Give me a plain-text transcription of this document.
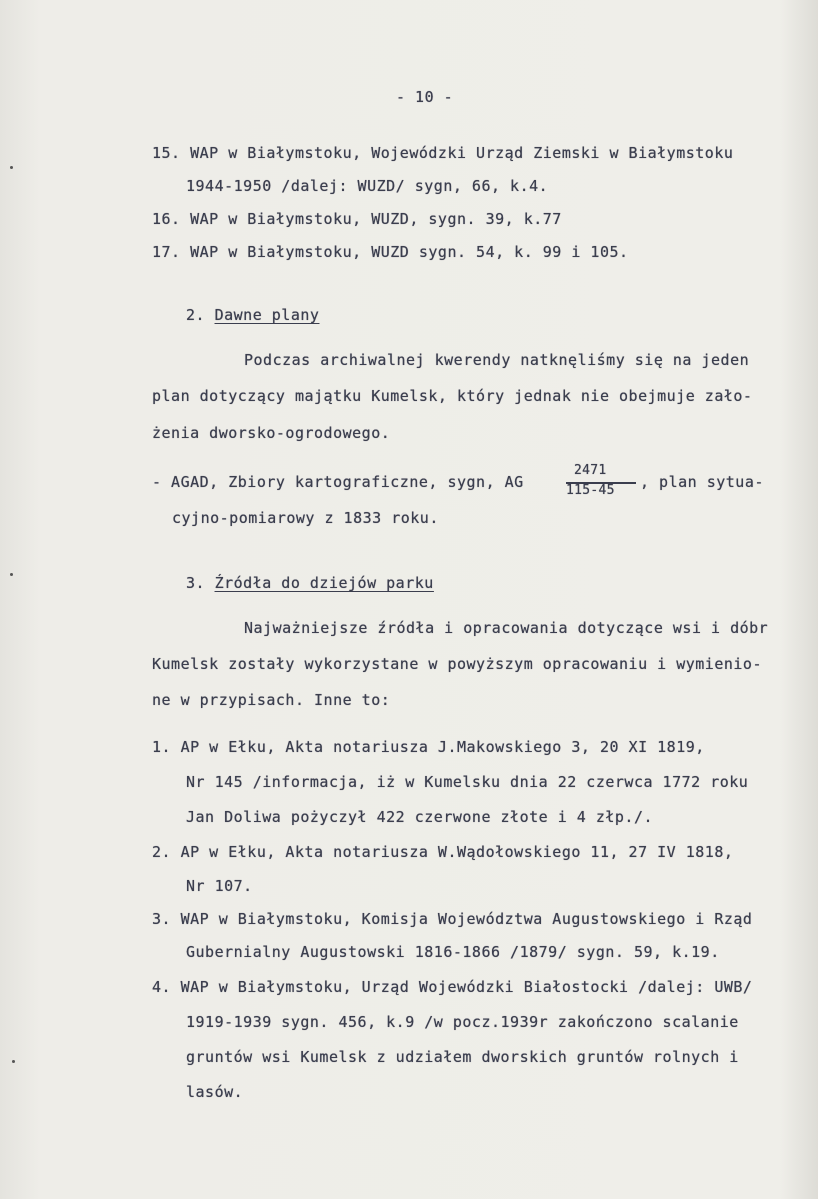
- 10 -
15. WAP w Białymstoku, Wojewódzki Urząd Ziemski w Białymstoku
1944-1950 /dalej: WUZD/ sygn, 66, k.4.
16. WAP w Białymstoku, WUZD, sygn. 39, k.77
17. WAP w Białymstoku, WUZD sygn. 54, k. 99 i 105.
2. Dawne plany
Podczas archiwalnej kwerendy natknęliśmy się na jeden
plan dotyczący majątku Kumelsk, który jednak nie obejmuje zało-
żenia dworsko-ogrodowego.
- AGAD, Zbiory kartograficzne, sygn, AG
2471
115-45 , plan sytua-
cyjno-pomiarowy z 1833 roku.
3. Źródła do dziejów parku
Najważniejsze źródła i opracowania dotyczące wsi i dóbr
Kumelsk zostały wykorzystane w powyższym opracowaniu i wymienio-
ne w przypisach. Inne to:
1. AP w Ełku, Akta notariusza J.Makowskiego 3, 20 XI 1819,
Nr 145 /informacja, iż w Kumelsku dnia 22 czerwca 1772 roku
Jan Doliwa pożyczył 422 czerwone złote i 4 złp./.
2. AP w Ełku, Akta notariusza W.Wądołowskiego 11, 27 IV 1818,
Nr 107.
3. WAP w Białymstoku, Komisja Województwa Augustowskiego i Rząd
Gubernialny Augustowski 1816-1866 /1879/ sygn. 59, k.19.
4. WAP w Białymstoku, Urząd Wojewódzki Białostocki /dalej: UWB/
1919-1939 sygn. 456, k.9 /w pocz.1939r zakończono scalanie
gruntów wsi Kumelsk z udziałem dworskich gruntów rolnych i
lasów.
